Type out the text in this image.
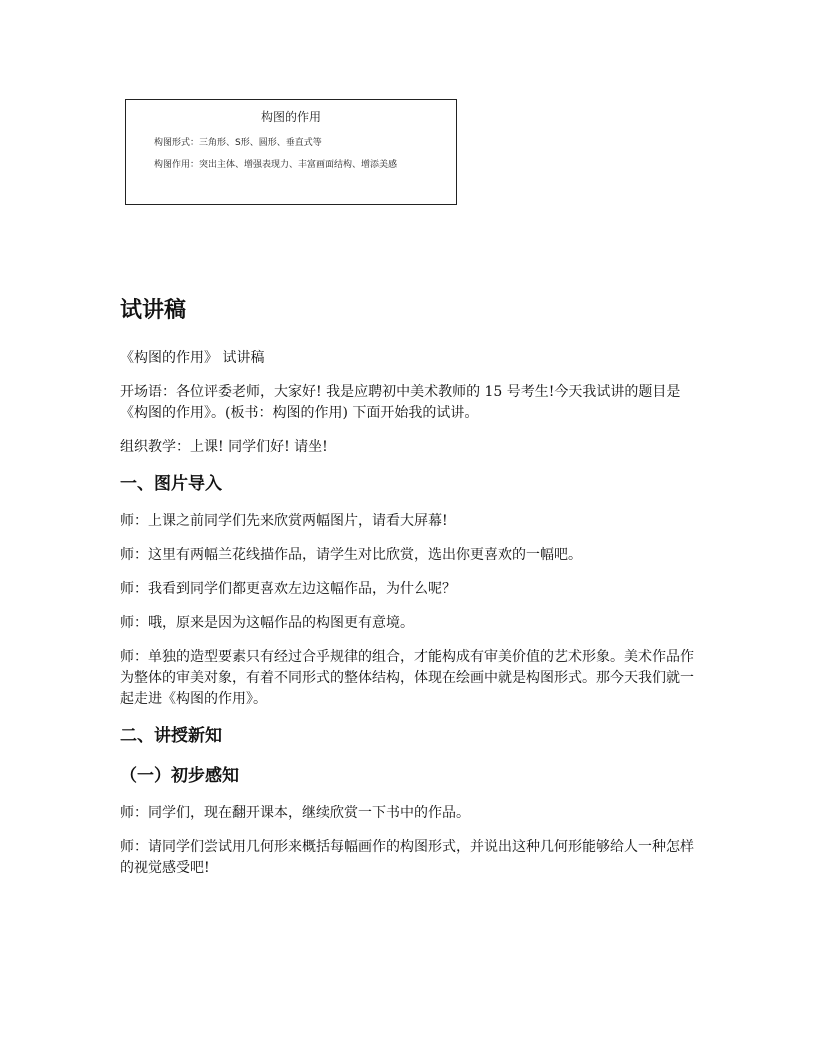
构图的作用
构图形式：三角形、S形、圆形、垂直式等
构图作用：突出主体、增强表现力、丰富画面结构、增添美感
试讲稿

《构图的作用》 试讲稿

开场语：各位评委老师，大家好! 我是应聘初中美术教师的 15 号考生!今天我试讲的题目是 《构图的作用》。(板书：构图的作用) 下面开始我的试讲。

组织教学：上课! 同学们好! 请坐!

一、图片导入

师：上课之前同学们先来欣赏两幅图片，请看大屏幕!

师：这里有两幅兰花线描作品，请学生对比欣赏，选出你更喜欢的一幅吧。

师：我看到同学们都更喜欢左边这幅作品，为什么呢？

师：哦，原来是因为这幅作品的构图更有意境。

师：单独的造型要素只有经过合乎规律的组合，才能构成有审美价值的艺术形象。美术作品作为整体的审美对象，有着不同形式的整体结构，体现在绘画中就是构图形式。那今天我们就一起走进《构图的作用》。

二、讲授新知
（一）初步感知

师：同学们，现在翻开课本，继续欣赏一下书中的作品。

师：请同学们尝试用几何形来概括每幅画作的构图形式，并说出这种几何形能够给人一种怎样的视觉感受吧!
